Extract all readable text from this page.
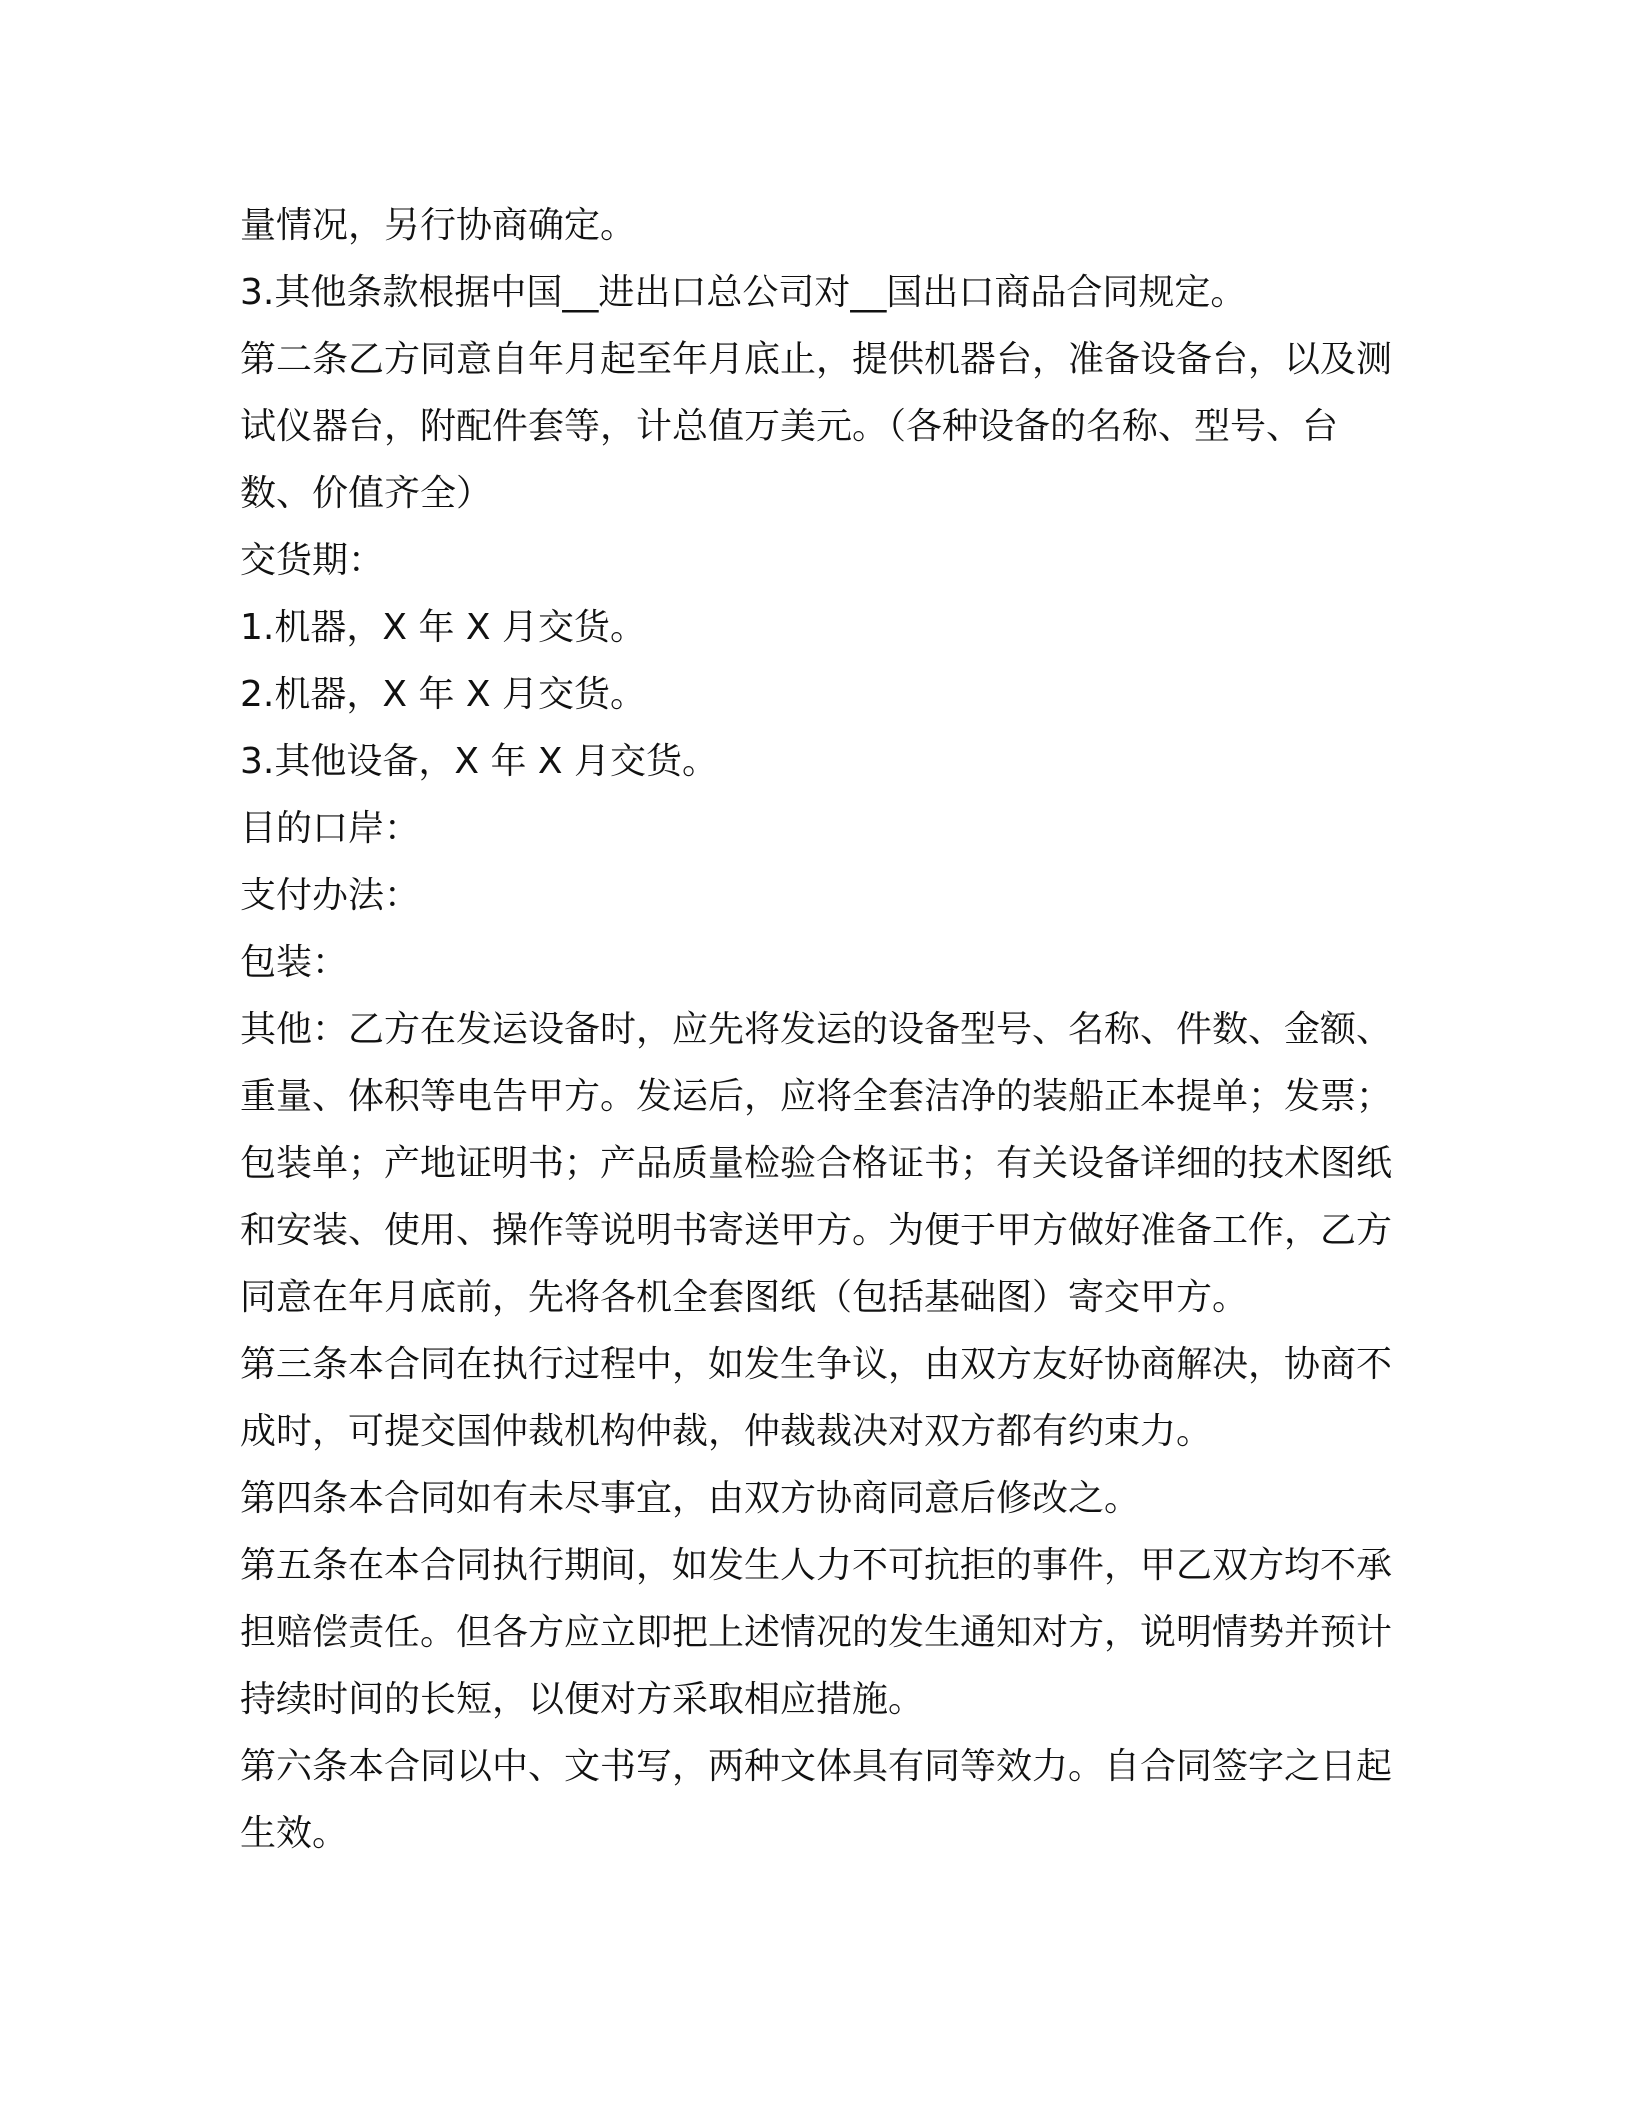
量情况，另行协商确定。

3.其他条款根据中国__进出口总公司对__国出口商品合同规定。

第二条乙方同意自年月起至年月底止，提供机器台，准备设备台，以及测试仪器台，附配件套等，计总值万美元。（各种设备的名称、型号、台数、价值齐全）

交货期：

1.机器，X 年 X 月交货。

2.机器，X 年 X 月交货。

3.其他设备，X 年 X 月交货。

目的口岸：

支付办法：

包装：

其他：乙方在发运设备时，应先将发运的设备型号、名称、件数、金额、重量、体积等电告甲方。发运后，应将全套洁净的装船正本提单；发票；包装单；产地证明书；产品质量检验合格证书；有关设备详细的技术图纸和安装、使用、操作等说明书寄送甲方。为便于甲方做好准备工作，乙方同意在年月底前，先将各机全套图纸（包括基础图）寄交甲方。

第三条本合同在执行过程中，如发生争议，由双方友好协商解决，协商不成时，可提交国仲裁机构仲裁，仲裁裁决对双方都有约束力。

第四条本合同如有未尽事宜，由双方协商同意后修改之。

第五条在本合同执行期间，如发生人力不可抗拒的事件，甲乙双方均不承担赔偿责任。但各方应立即把上述情况的发生通知对方，说明情势并预计持续时间的长短，以便对方采取相应措施。

第六条本合同以中、文书写，两种文体具有同等效力。自合同签字之日起生效。
